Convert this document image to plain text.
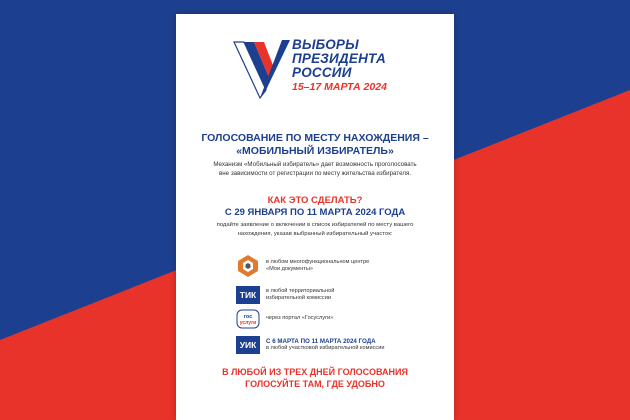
ВЫБОРЫ
ПРЕЗИДЕНТА
РОССИИ
15–17 МАРТА 2024
ГОЛОСОВАНИЕ ПО МЕСТУ НАХОЖДЕНИЯ –
«МОБИЛЬНЫЙ ИЗБИРАТЕЛЬ»
Механизм «Мобильный избиратель» дает возможность проголосовать
вне зависимости от регистрации по месту жительства избирателя.
КАК ЭТО СДЕЛАТЬ?
С 29 ЯНВАРЯ ПО 11 МАРТА 2024 ГОДА
подайте заявление о включении в список избирателей по месту вашего
нахождения, указав выбранный избирательный участок:
в любом многофункциональном центре
«Мои документы»
ТИК	в любой территориальной
избирательной комиссии
гос
услуги
через портал «Госуслуги»
УИК	С 6 МАРТА ПО 11 МАРТА 2024 ГОДА
в любой участковой избирательной комиссии
В ЛЮБОЙ ИЗ ТРЕХ ДНЕЙ ГОЛОСОВАНИЯ
ГОЛОСУЙТЕ ТАМ, ГДЕ УДОБНО
